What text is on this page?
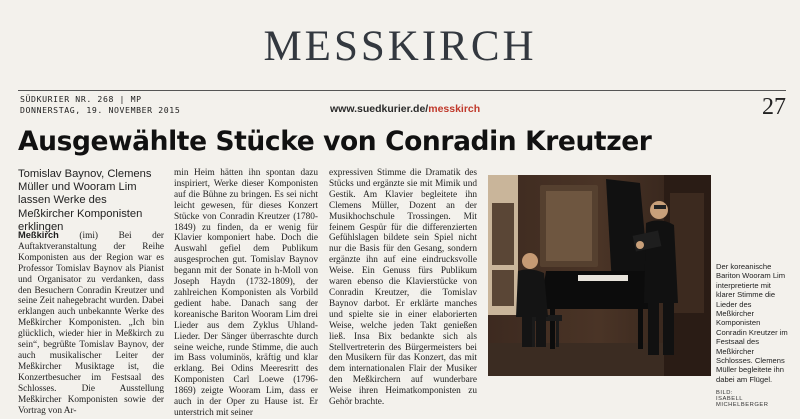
MESSKIRCH
SÜDKURIER NR. 268 | MP
DONNERSTAG, 19. NOVEMBER 2015	www.suedkurier.de/messkirch	27
Ausgewählte Stücke von Conradin Kreutzer
Tomislav Baynov, Clemens Müller und Wooram Lim lassen Werke des Meßkircher Komponisten erklingen
Meßkirch (imi) Bei der Auftaktveranstaltung der Reihe Komponisten aus der Region war es Professor Tomislav Baynov als Pianist und Organisator zu verdanken, dass den Besuchern Conradin Kreutzer und seine Zeit nahegebracht wurden. Dabei erklangen auch unbekannte Werke des Meßkircher Komponisten. „Ich bin glücklich, wieder hier in Meßkirch zu sein“, begrüßte Tomislav Baynov, der auch musikalischer Leiter der Meßkircher Musiktage ist, die Konzertbesucher im Festsaal des Schlosses. Die Ausstellung Meßkircher Komponisten sowie der Vortrag von Ar-
min Heim hätten ihn spontan dazu inspiriert, Werke dieser Komponisten auf die Bühne zu bringen. Es sei nicht leicht gewesen, für dieses Konzert Stücke von Conradin Kreutzer (1780-1849) zu finden, da er wenig für Klavier komponiert habe. Doch die Auswahl gefiel dem Publikum ausgesprochen gut. Tomislav Baynov begann mit der Sonate in h-Moll von Joseph Haydn (1732-1809), der zahlreichen Komponisten als Vorbild gedient habe. Danach sang der koreanische Bariton Wooram Lim drei Lieder aus dem Zyklus Uhland-Lieder. Der Sänger überraschte durch seine weiche, runde Stimme, die auch im Bass voluminös, kräftig und klar erklang. Bei Odins Meeresritt des Komponisten Carl Loewe (1796-1869) zeigte Wooram Lim, dass er auch in der Oper zu Hause ist. Er unterstrich mit seiner
expressiven Stimme die Dramatik des Stücks und ergänzte sie mit Mimik und Gestik. Am Klavier begleitete ihn Clemens Müller, Dozent an der Musikhochschule Trossingen. Mit feinem Gespür für die differenzierten Gefühlslagen bildete sein Spiel nicht nur die Basis für den Gesang, sondern ergänzte ihn auf eine eindrucksvolle Weise. Ein Genuss fürs Publikum waren ebenso die Klavierstücke von Conradin Kreutzer, die Tomislav Baynov darbot. Er erklärte manches und spielte sie in einer elaborierten Weise, welche jeden Takt genießen ließ. Insa Bix bedankte sich als Stellvertreterin des Bürgermeisters bei den Musikern für das Konzert, das mit dem internationalen Flair der Musiker den Meßkirchern auf wunderbare Weise ihren Heimatkomponisten zu Gehör brachte.
Der koreanische Bariton Wooram Lim interpretierte mit klarer Stimme die Lieder des Meßkircher Komponisten Conradin Kreutzer im Festsaal des Meßkircher Schlosses. Clemens Müller begleitete ihn dabei am Flügel.
BILD:
ISABELL MICHELBERGER
